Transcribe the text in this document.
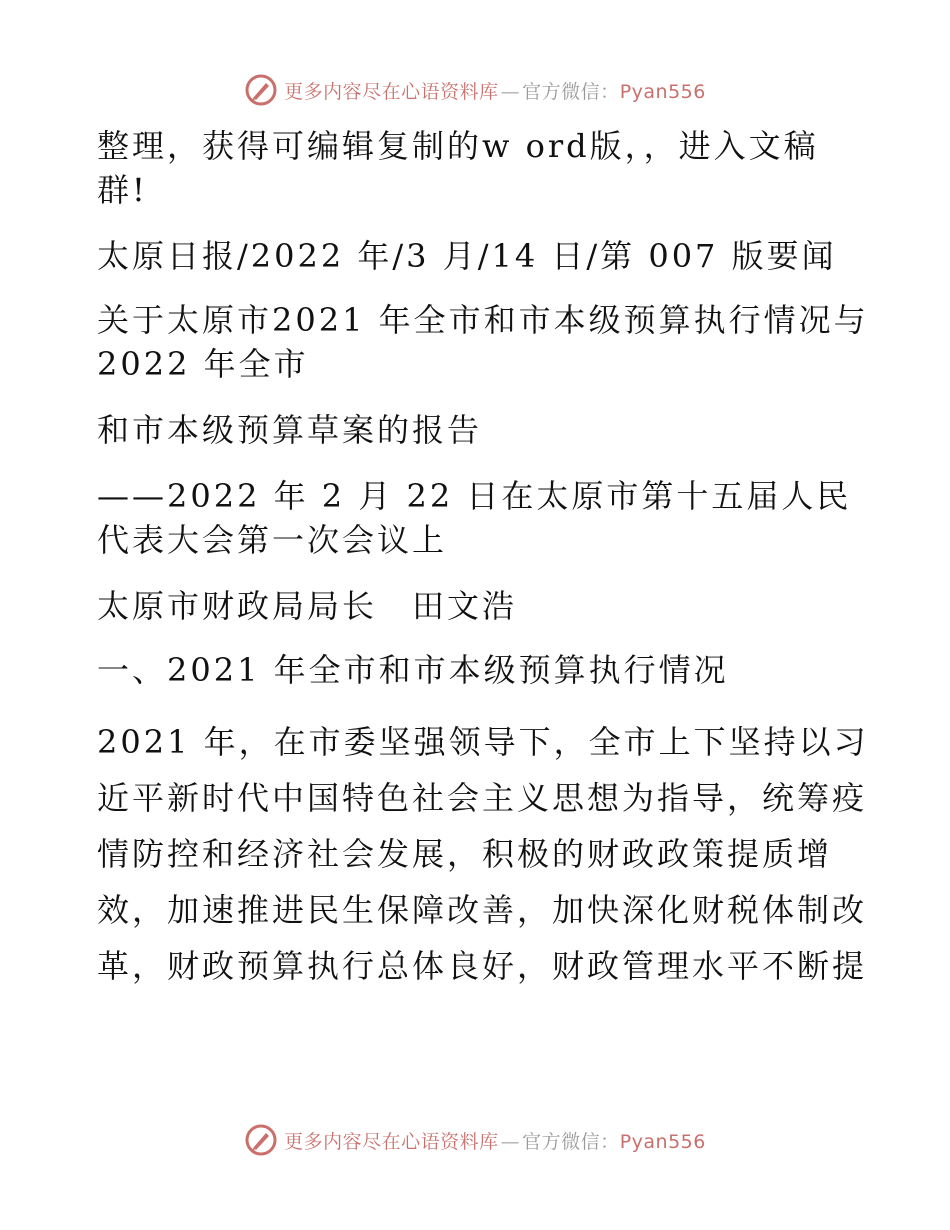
更多内容尽在心语资料库 — 官方微信：Pyan556
整理，获得可编辑复制的w ord版，，进入文稿
群!
太原日报/2022 年/3 月/14 日/第 007 版要闻
关于太原市2021 年全市和市本级预算执行情况与
2022 年全市
和市本级预算草案的报告
——2022 年 2 月 22 日在太原市第十五届人民
代表大会第一次会议上
太原市财政局局长　田文浩
一、2021 年全市和市本级预算执行情况
2021 年，在市委坚强领导下，全市上下坚持以习
近平新时代中国特色社会主义思想为指导，统筹疫
情防控和经济社会发展，积极的财政政策提质增
效，加速推进民生保障改善，加快深化财税体制改
革，财政预算执行总体良好，财政管理水平不断提
更多内容尽在心语资料库 — 官方微信：Pyan556
